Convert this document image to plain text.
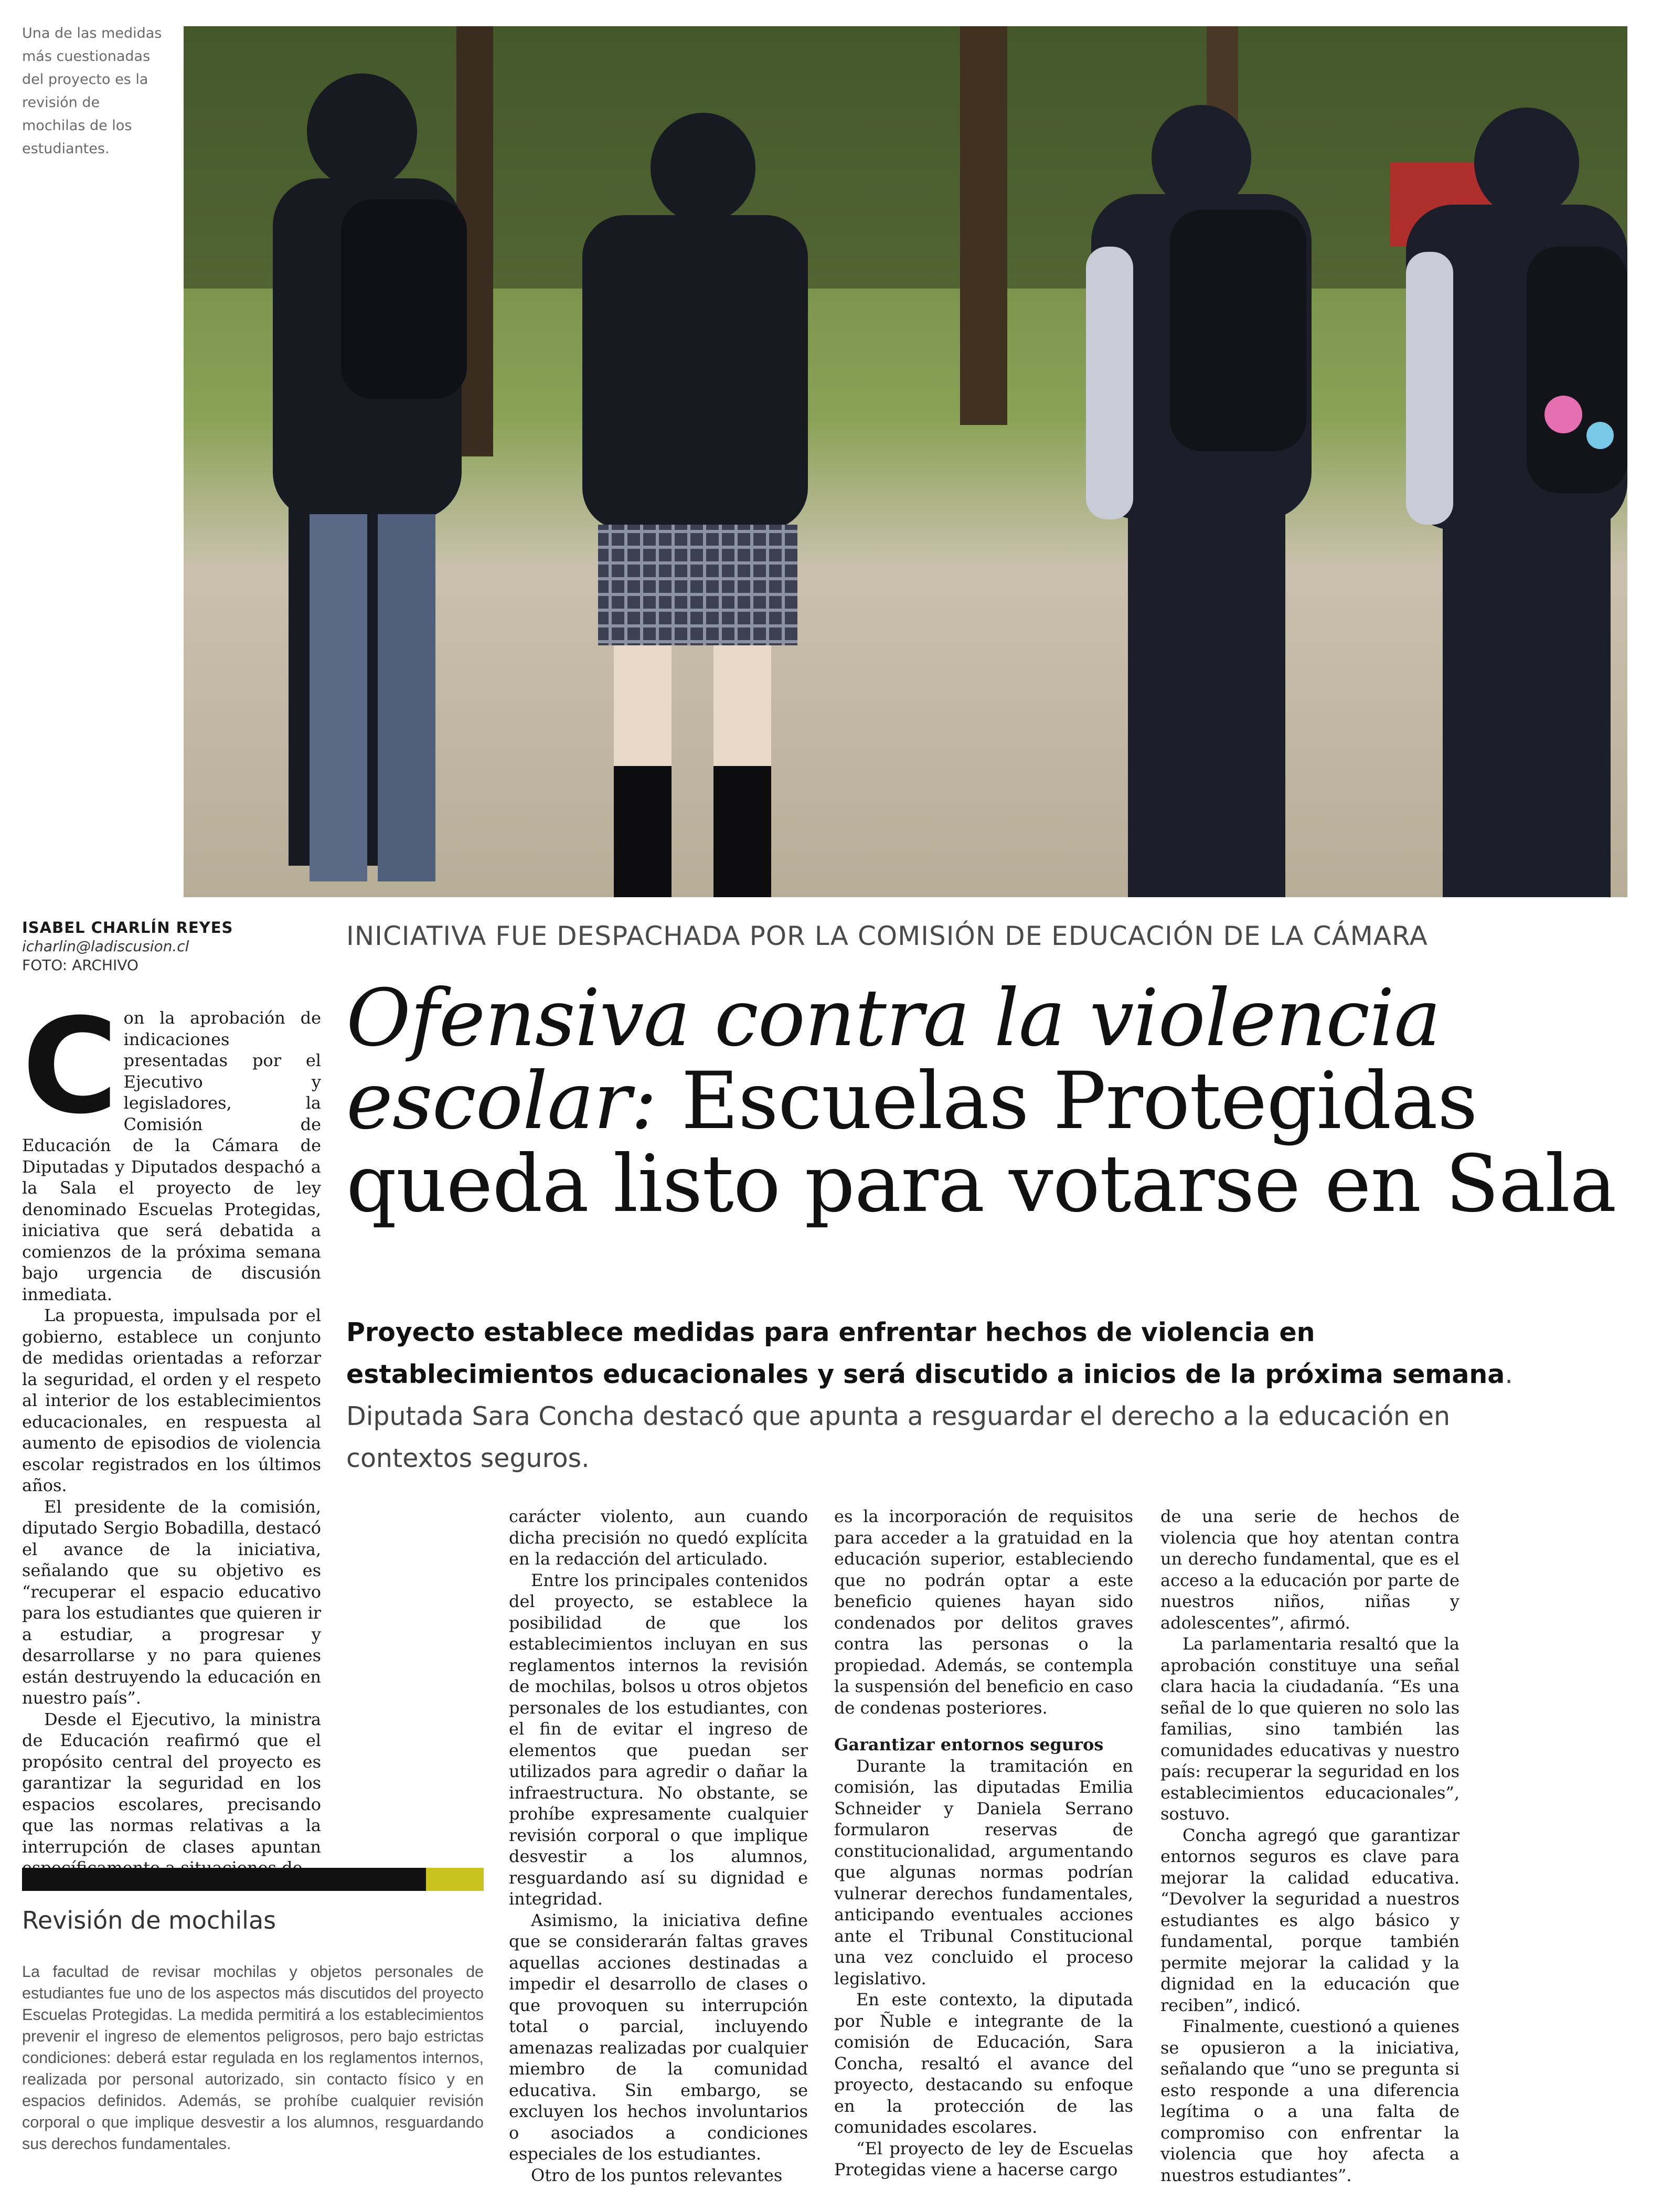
Una de las medidas más cuestionadas del proyecto es la revisión de mochilas de los estudiantes.
ISABEL CHARLÍN REYES
icharlin@ladiscusion.cl
FOTO: ARCHIVO
INICIATIVA FUE DESPACHADA POR LA COMISIÓN DE EDUCACIÓN DE LA CÁMARA
Ofensiva contra la violencia escolar: Escuelas Protegidas queda listo para votarse en Sala
Proyecto establece medidas para enfrentar hechos de violencia en establecimientos educacionales y será discutido a inicios de la próxima semana. Diputada Sara Concha destacó que apunta a resguardar el derecho a la educación en contextos seguros.
C on la aprobación de indicaciones presentadas por el Ejecutivo y legisladores, la Comisión de Educación de la Cámara de Diputadas y Diputados despachó a la Sala el proyecto de ley denominado Escuelas Protegidas, iniciativa que será debatida a comienzos de la próxima semana bajo urgencia de discusión inmediata.

La propuesta, impulsada por el gobierno, establece un conjunto de medidas orientadas a reforzar la seguridad, el orden y el respeto al interior de los establecimientos educacionales, en respuesta al aumento de episodios de violencia escolar registrados en los últimos años.

El presidente de la comisión, diputado Sergio Bobadilla, destacó el avance de la iniciativa, señalando que su objetivo es “recuperar el espacio educativo para los estudiantes que quieren ir a estudiar, a progresar y desarrollarse y no para quienes están destruyendo la educación en nuestro país”.

Desde el Ejecutivo, la ministra de Educación reafirmó que el propósito central del proyecto es garantizar la seguridad en los espacios escolares, precisando que las normas relativas a la interrupción de clases apuntan

carácter violento, aun cuando dicha precisión no quedó explícita en la redacción del articulado.

Entre los principales contenidos del proyecto, se establece la posibilidad de que los establecimientos incluyan en sus reglamentos internos la revisión de mochilas, bolsos u otros objetos personales de los estudiantes, con el fin de evitar el ingreso de elementos que puedan ser utilizados para agredir o dañar la infraestructura. No obstante, se prohíbe expresamente cualquier revisión corporal o que implique desvestir a los alumnos, resguardando así su dignidad e integridad.

Asimismo, la iniciativa define que se considerarán faltas graves aquellas acciones destinadas a impedir el desarrollo de clases o que provoquen su interrupción total o parcial, incluyendo amenazas realizadas por cualquier miembro de la comunidad educativa. Sin embargo, se excluyen los hechos involuntarios o asociados a condiciones especiales de los estudiantes.

Otro de los puntos relevantes

es la incorporación de requisitos para acceder a la gratuidad en la educación superior, estableciendo que no podrán optar a este beneficio quienes hayan sido condenados por delitos graves contra las personas o la propiedad. Además, se contempla la suspensión del beneficio en caso de condenas posteriores.

Garantizar entornos seguros

Durante la tramitación en comisión, las diputadas Emilia Schneider y Daniela Serrano formularon reservas de constitucionalidad, argumentando que algunas normas podrían vulnerar derechos fundamentales, anticipando eventuales acciones ante el Tribunal Constitucional una vez concluido el proceso legislativo.

En este contexto, la diputada por Ñuble e integrante de la comisión de Educación, Sara Concha, resaltó el avance del proyecto, destacando su enfoque en la protección de las comunidades escolares.

“El proyecto de ley de Escuelas Protegidas viene a hacerse cargo

de una serie de hechos de violencia que hoy atentan contra un derecho fundamental, que es el acceso a la educación por parte de nuestros niños, niñas y adolescentes”, afirmó.

La parlamentaria resaltó que la aprobación constituye una señal clara hacia la ciudadanía. “Es una señal de lo que quieren no solo las familias, sino también las comunidades educativas y nuestro país: recuperar la seguridad en los establecimientos educacionales”, sostuvo.

Concha agregó que garantizar entornos seguros es clave para mejorar la calidad educativa. “Devolver la seguridad a nuestros estudiantes es algo básico y fundamental, porque también permite mejorar la calidad y la dignidad en la educación que reciben”, indicó.

Finalmente, cuestionó a quienes se opusieron a la iniciativa, señalando que “uno se pregunta si esto responde a una diferencia legítima o a una falta de compromiso con enfrentar la violencia que hoy afecta a nuestros estudiantes”.

Revisión de mochilas
La facultad de revisar mochilas y objetos personales de estudiantes fue uno de los aspectos más discutidos del proyecto Escuelas Protegidas. La medida permitirá a los establecimientos prevenir el ingreso de elementos peligrosos, pero bajo estrictas condiciones: deberá estar regulada en los reglamentos internos, realizada por personal autorizado, sin contacto físico y en espacios definidos. Además, se prohíbe cualquier revisión corporal o que implique desvestir a los alumnos, resguardando sus derechos fundamentales.
